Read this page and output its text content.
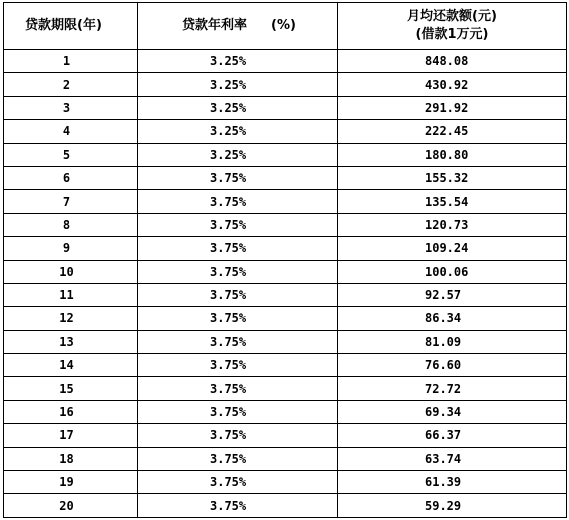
贷款期限(年)	贷款年利率 (%)	月均还款额(元)
(借款1万元)

1	3.25%	848.08
2	3.25%	430.92
3	3.25%	291.92
4	3.25%	222.45
5	3.25%	180.80
6	3.75%	155.32
7	3.75%	135.54
8	3.75%	120.73
9	3.75%	109.24
10	3.75%	100.06
11	3.75%	92.57
12	3.75%	86.34
13	3.75%	81.09
14	3.75%	76.60
15	3.75%	72.72
16	3.75%	69.34
17	3.75%	66.37
18	3.75%	63.74
19	3.75%	61.39
20	3.75%	59.29
